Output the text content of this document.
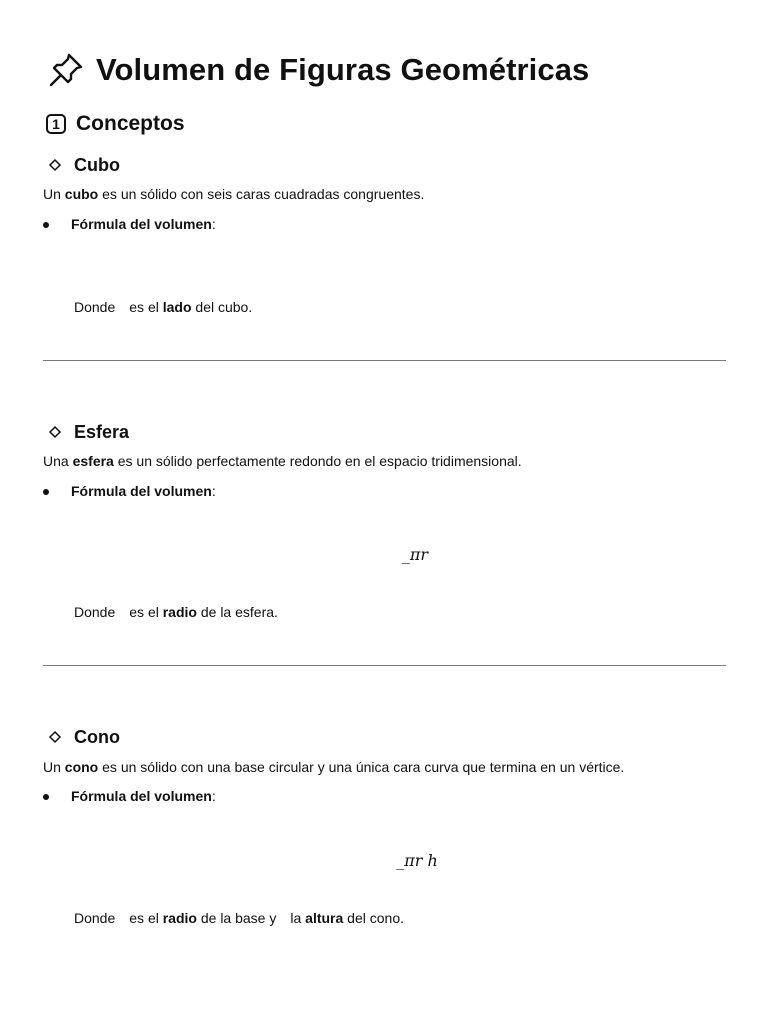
Volumen de Figuras Geométricas
1 Conceptos
Cubo
Un cubo es un sólido con seis caras cuadradas congruentes.
Fórmula del volumen :
Donde es el lado del cubo.
Esfera
Una esfera es un sólido perfectamente redondo en el espacio tridimensional.
Fórmula del volumen :
_πr
Donde es el radio de la esfera.
Cono
Un cono es un sólido con una base circular y una única cara curva que termina en un vértice.
Fórmula del volumen :
_πr h
Donde es el radio de la base y la altura del cono.
